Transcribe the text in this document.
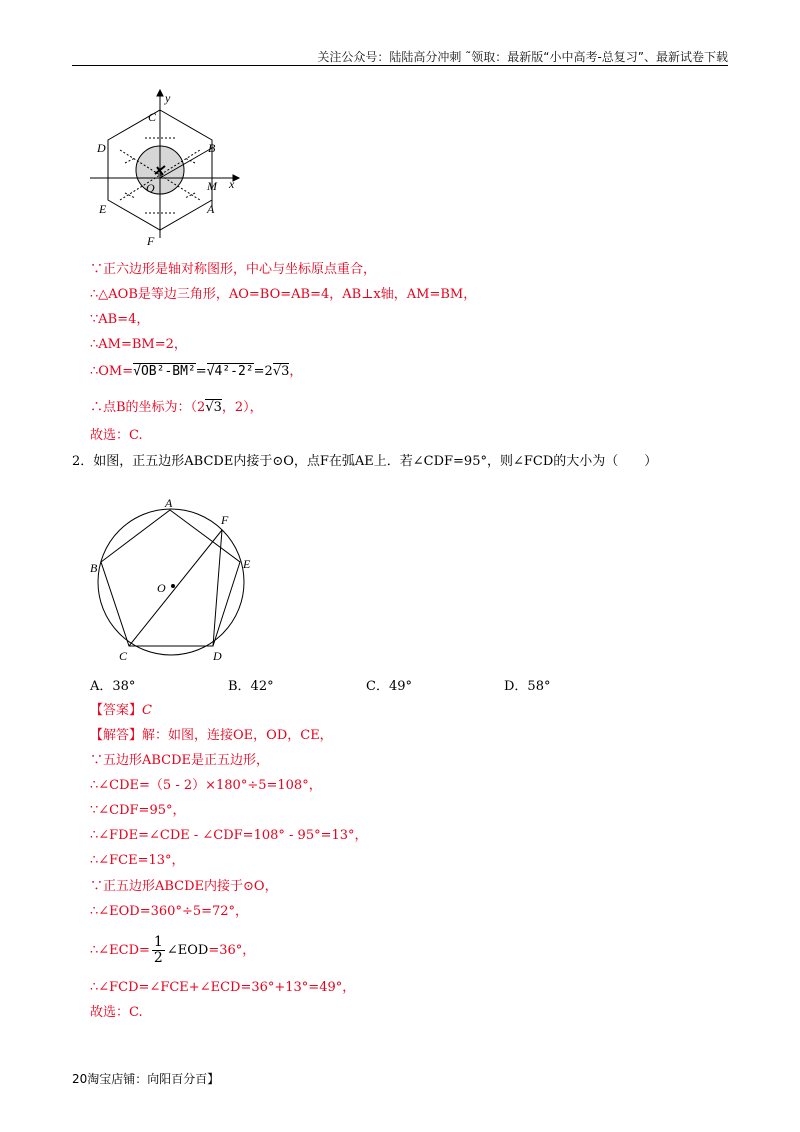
关注公众号：陆陆高分冲刺 ˜领取：最新版“小中高考-总复习”、最新试卷下载
y
x
C
D	B
O	M
E	A
F
∵正六边形是轴对称图形，中心与坐标原点重合，
∴△AOB是等边三角形，AO=BO=AB=4，AB⊥x轴，AM=BM，
∵AB=4，
∴AM=BM=2，
∴OM=√OB²-BM²=√4²-2²=2√3，
∴点B的坐标为：（2√3，2），
故选：C.
2．如图，正五边形ABCDE内接于⊙O，点F在弧AE上．若∠CDF=95°，则∠FCD的大小为（　　）
A
F
B	E
O
C	D
A．38°	B．42°	C．49°	D．58°
【答案】C
【解答】解：如图，连接OE，OD，CE，
∵五边形ABCDE是正五边形，
∴∠CDE=（5 - 2）×180°÷5=108°，
∵∠CDF=95°，
∴∠FDE=∠CDE - ∠CDF=108° - 95°=13°，
∴∠FCE=13°，
∵正五边形ABCDE内接于⊙O，
∴∠EOD=360°÷5=72°，
∴∠ECD= $\frac{1}{2}$ ∠EOD=36°，
∴∠FCD=∠FCE+∠ECD=36°+13°=49°，
故选：C.
20淘宝店铺：向阳百分百】
